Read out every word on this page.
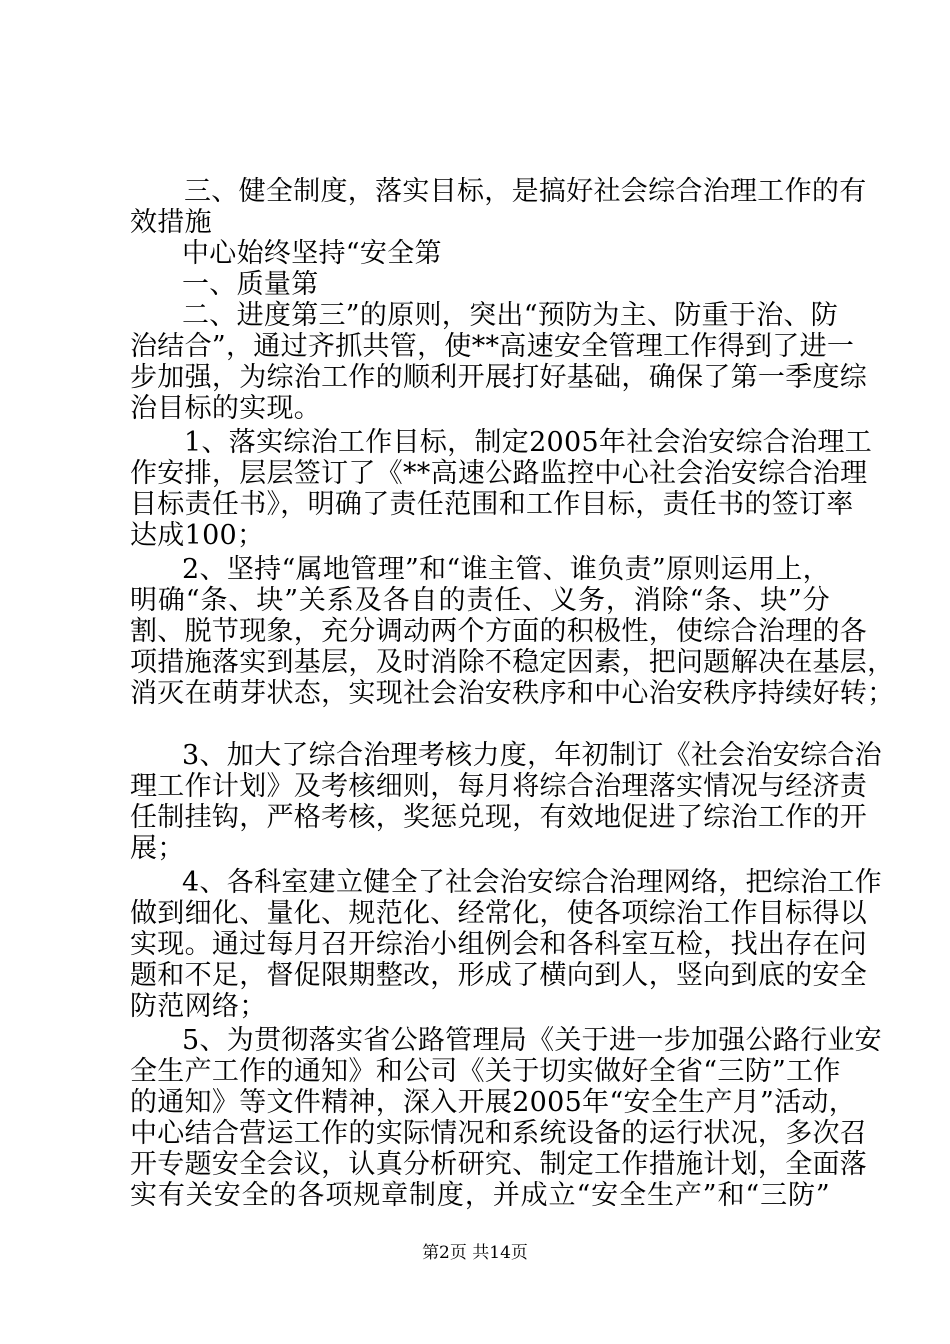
三、健全制度，落实目标，是搞好社会综合治理工作的有
效措施
中心始终坚持“安全第
一、质量第
二、进度第三”的原则，突出“预防为主、防重于治、防
治结合”，通过齐抓共管，使**高速安全管理工作得到了进一
步加强，为综治工作的顺利开展打好基础，确保了第一季度综
治目标的实现。
1、落实综治工作目标，制定2005年社会治安综合治理工
作安排，层层签订了《**高速公路监控中心社会治安综合治理
目标责任书》，明确了责任范围和工作目标，责任书的签订率
达成100；
2、坚持“属地管理”和“谁主管、谁负责”原则运用上，
明确“条、块”关系及各自的责任、义务，消除“条、块”分
割、脱节现象，充分调动两个方面的积极性，使综合治理的各
项措施落实到基层，及时消除不稳定因素，把问题解决在基层，
消灭在萌芽状态，实现社会治安秩序和中心治安秩序持续好转；
3、加大了综合治理考核力度，年初制订《社会治安综合治
理工作计划》及考核细则，每月将综合治理落实情况与经济责
任制挂钩，严格考核，奖惩兑现，有效地促进了综治工作的开
展；
4、各科室建立健全了社会治安综合治理网络，把综治工作
做到细化、量化、规范化、经常化，使各项综治工作目标得以
实现。通过每月召开综治小组例会和各科室互检，找出存在问
题和不足，督促限期整改，形成了横向到人，竖向到底的安全
防范网络；
5、为贯彻落实省公路管理局《关于进一步加强公路行业安
全生产工作的通知》和公司《关于切实做好全省“三防”工作
的通知》等文件精神，深入开展2005年“安全生产月”活动，
中心结合营运工作的实际情况和系统设备的运行状况，多次召
开专题安全会议，认真分析研究、制定工作措施计划，全面落
实有关安全的各项规章制度，并成立“安全生产”和“三防”
第2页 共14页
